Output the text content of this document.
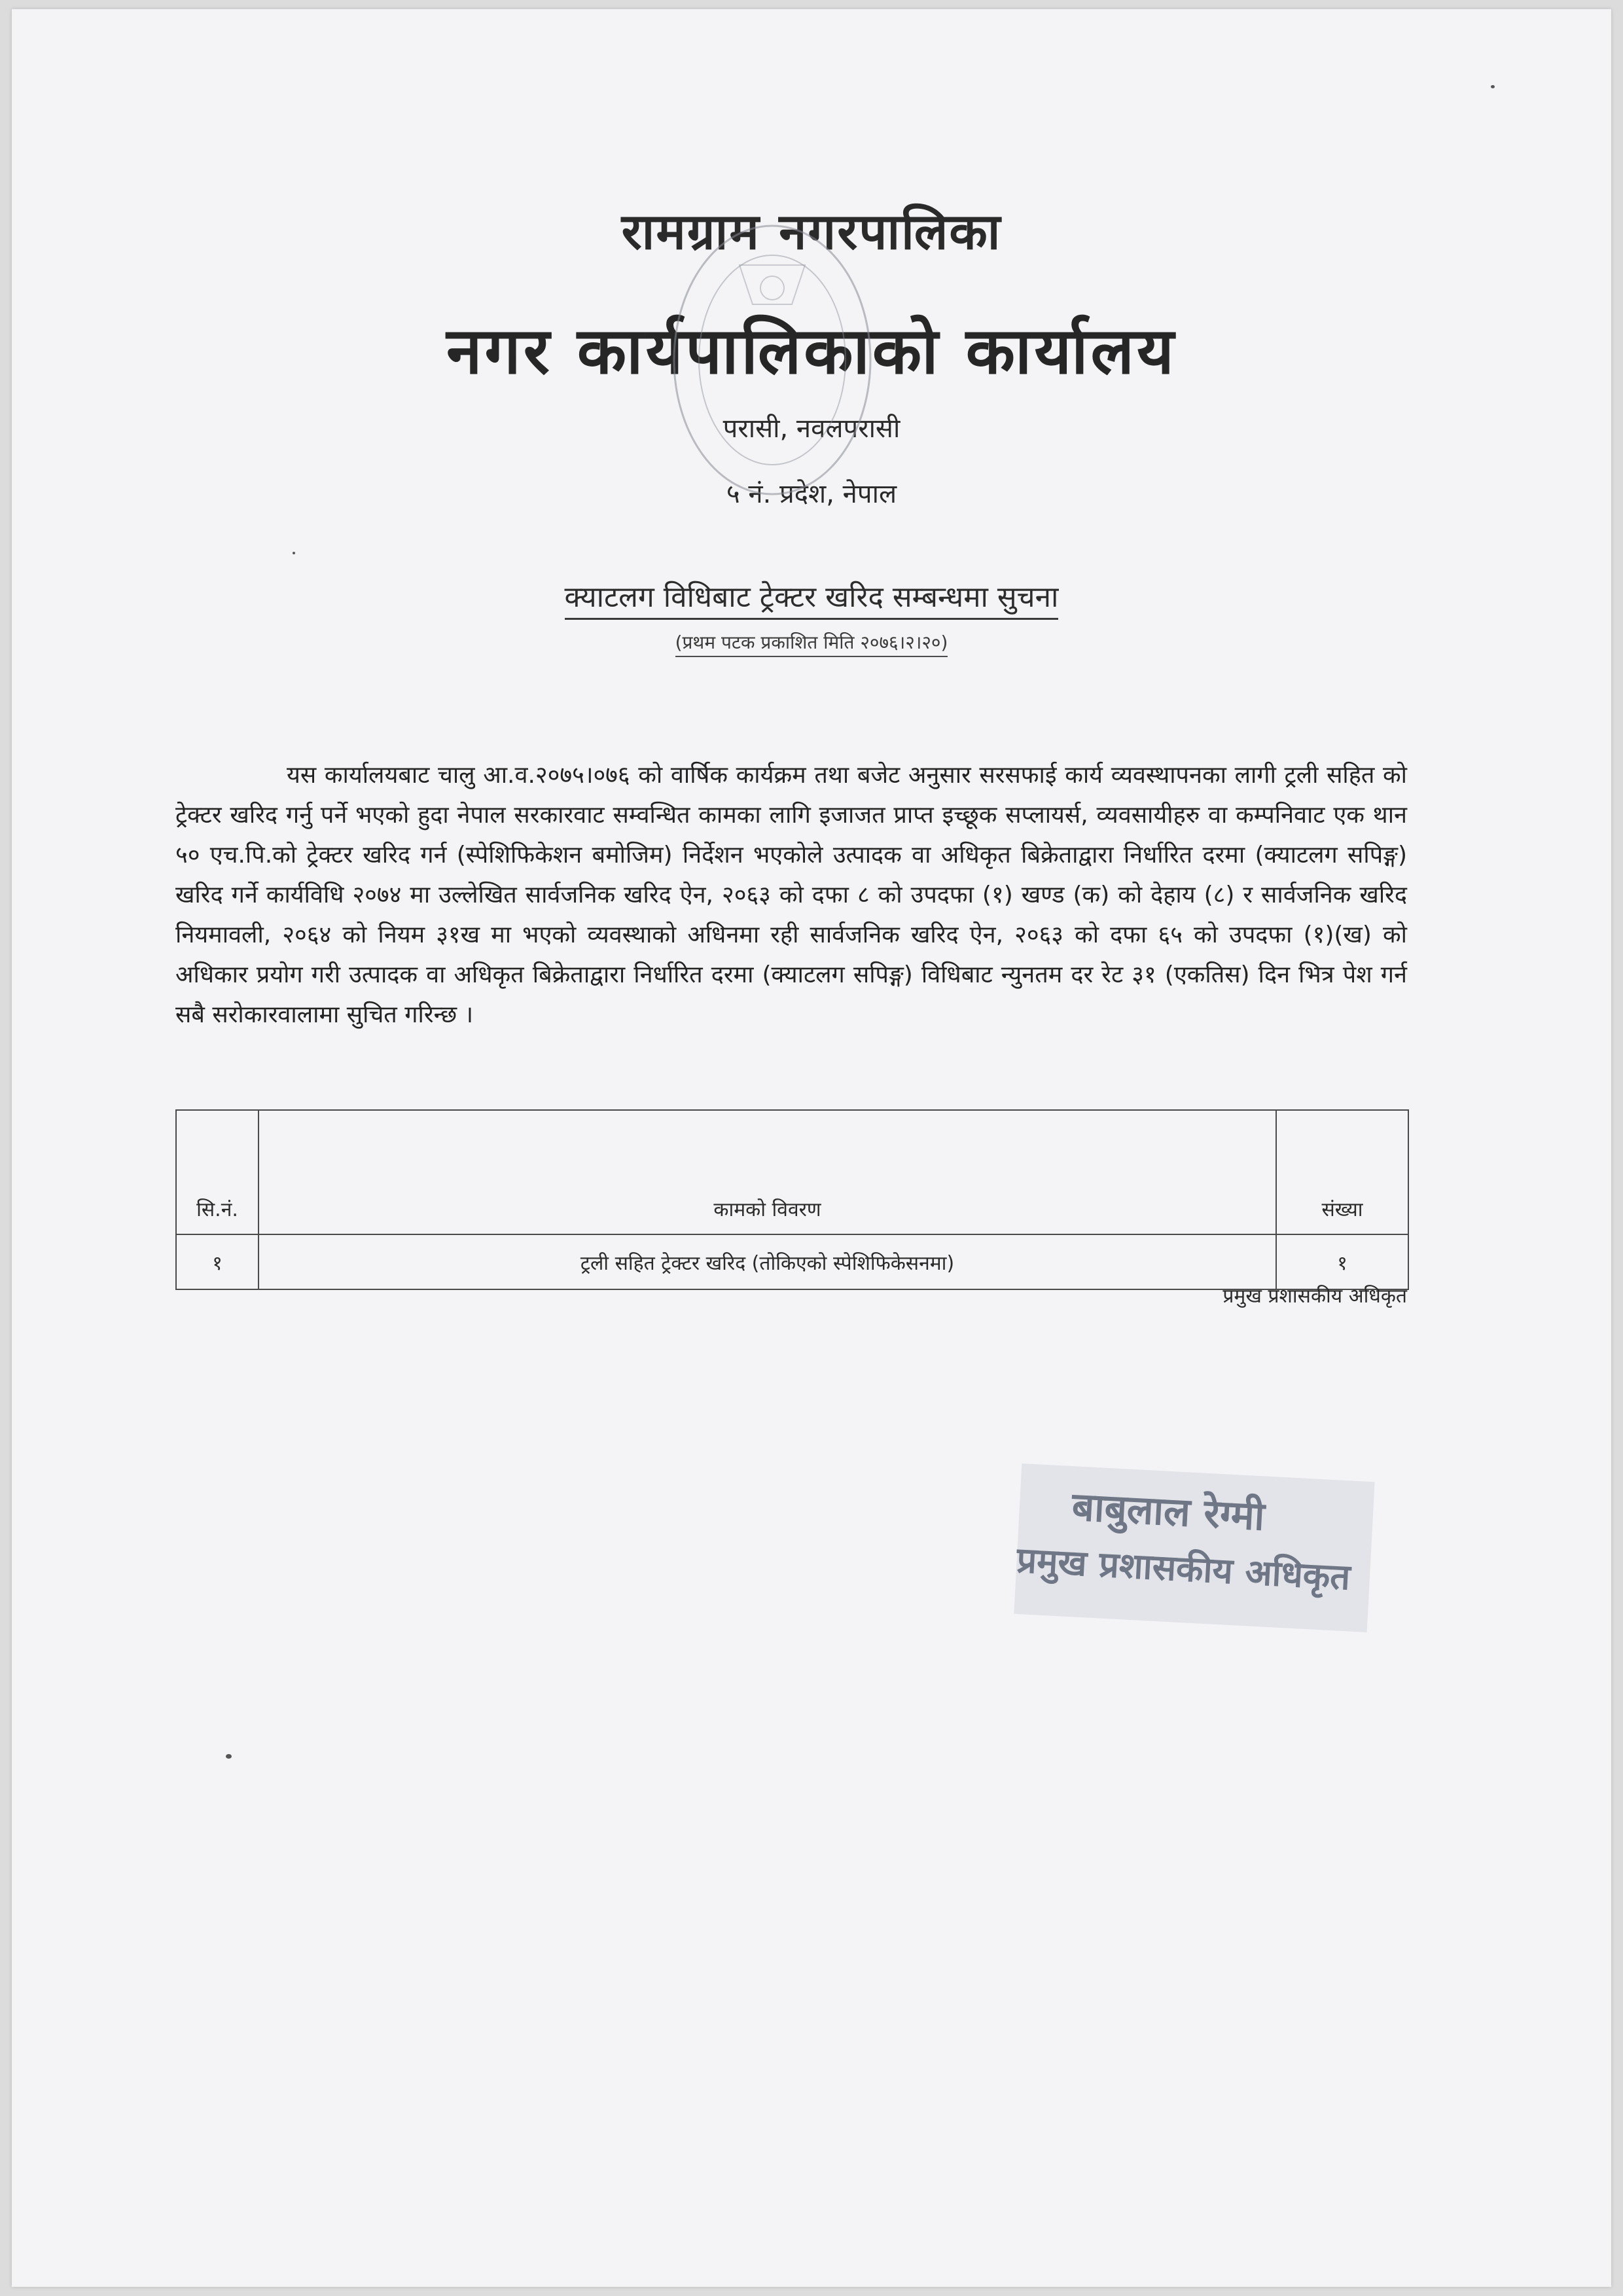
रामग्राम नगरपालिका
नगर कार्यपालिकाको कार्यालय
परासी, नवलपरासी
५ नं. प्रदेश, नेपाल
क्याटलग विधिबाट ट्रेक्टर खरिद सम्बन्धमा सुचना
(प्रथम पटक प्रकाशित मिति २०७६।२।२०)

यस कार्यालयबाट चालु आ.व.२०७५।०७६ को वार्षिक कार्यक्रम तथा बजेट अनुसार सरसफाई कार्य व्यवस्थापनका लागी ट्रली सहित को ट्रेक्टर खरिद गर्नु पर्ने भएको हुदा नेपाल सरकारवाट सम्वन्धित कामका लागि इजाजत प्राप्त इच्छूक सप्लायर्स, व्यवसायीहरु वा कम्पनिवाट एक थान ५० एच.पि.को ट्रेक्टर खरिद गर्न (स्पेशिफिकेशन बमोजिम) निर्देशन भएकोले उत्पादक वा अधिकृत बिक्रेताद्वारा निर्धारित दरमा (क्याटलग सपिङ्ग) खरिद गर्ने कार्यविधि २०७४ मा उल्लेखित सार्वजनिक खरिद ऐन, २०६३ को दफा ८ को उपदफा (१) खण्ड (क) को देहाय (८) र सार्वजनिक खरिद नियमावली, २०६४ को नियम ३१ख मा भएको व्यवस्थाको अधिनमा रही सार्वजनिक खरिद ऐन, २०६३ को दफा ६५ को उपदफा (१)(ख) को अधिकार प्रयोग गरी उत्पादक वा अधिकृत बिक्रेताद्वारा निर्धारित दरमा (क्याटलग सपिङ्ग) विधिबाट न्युनतम दर रेट ३१ (एकतिस) दिन भित्र पेश गर्न सबै सरोकारवालामा सुचित गरिन्छ ।

सि.नं.	कामको विवरण	संख्या
१	ट्रली सहित ट्रेक्टर खरिद (तोकिएको स्पेशिफिकेसनमा)	१
प्रमुख प्रशासकीय अधिकृत
बाबुलाल रेग्मी
प्रमुख प्रशासकीय अधिकृत
